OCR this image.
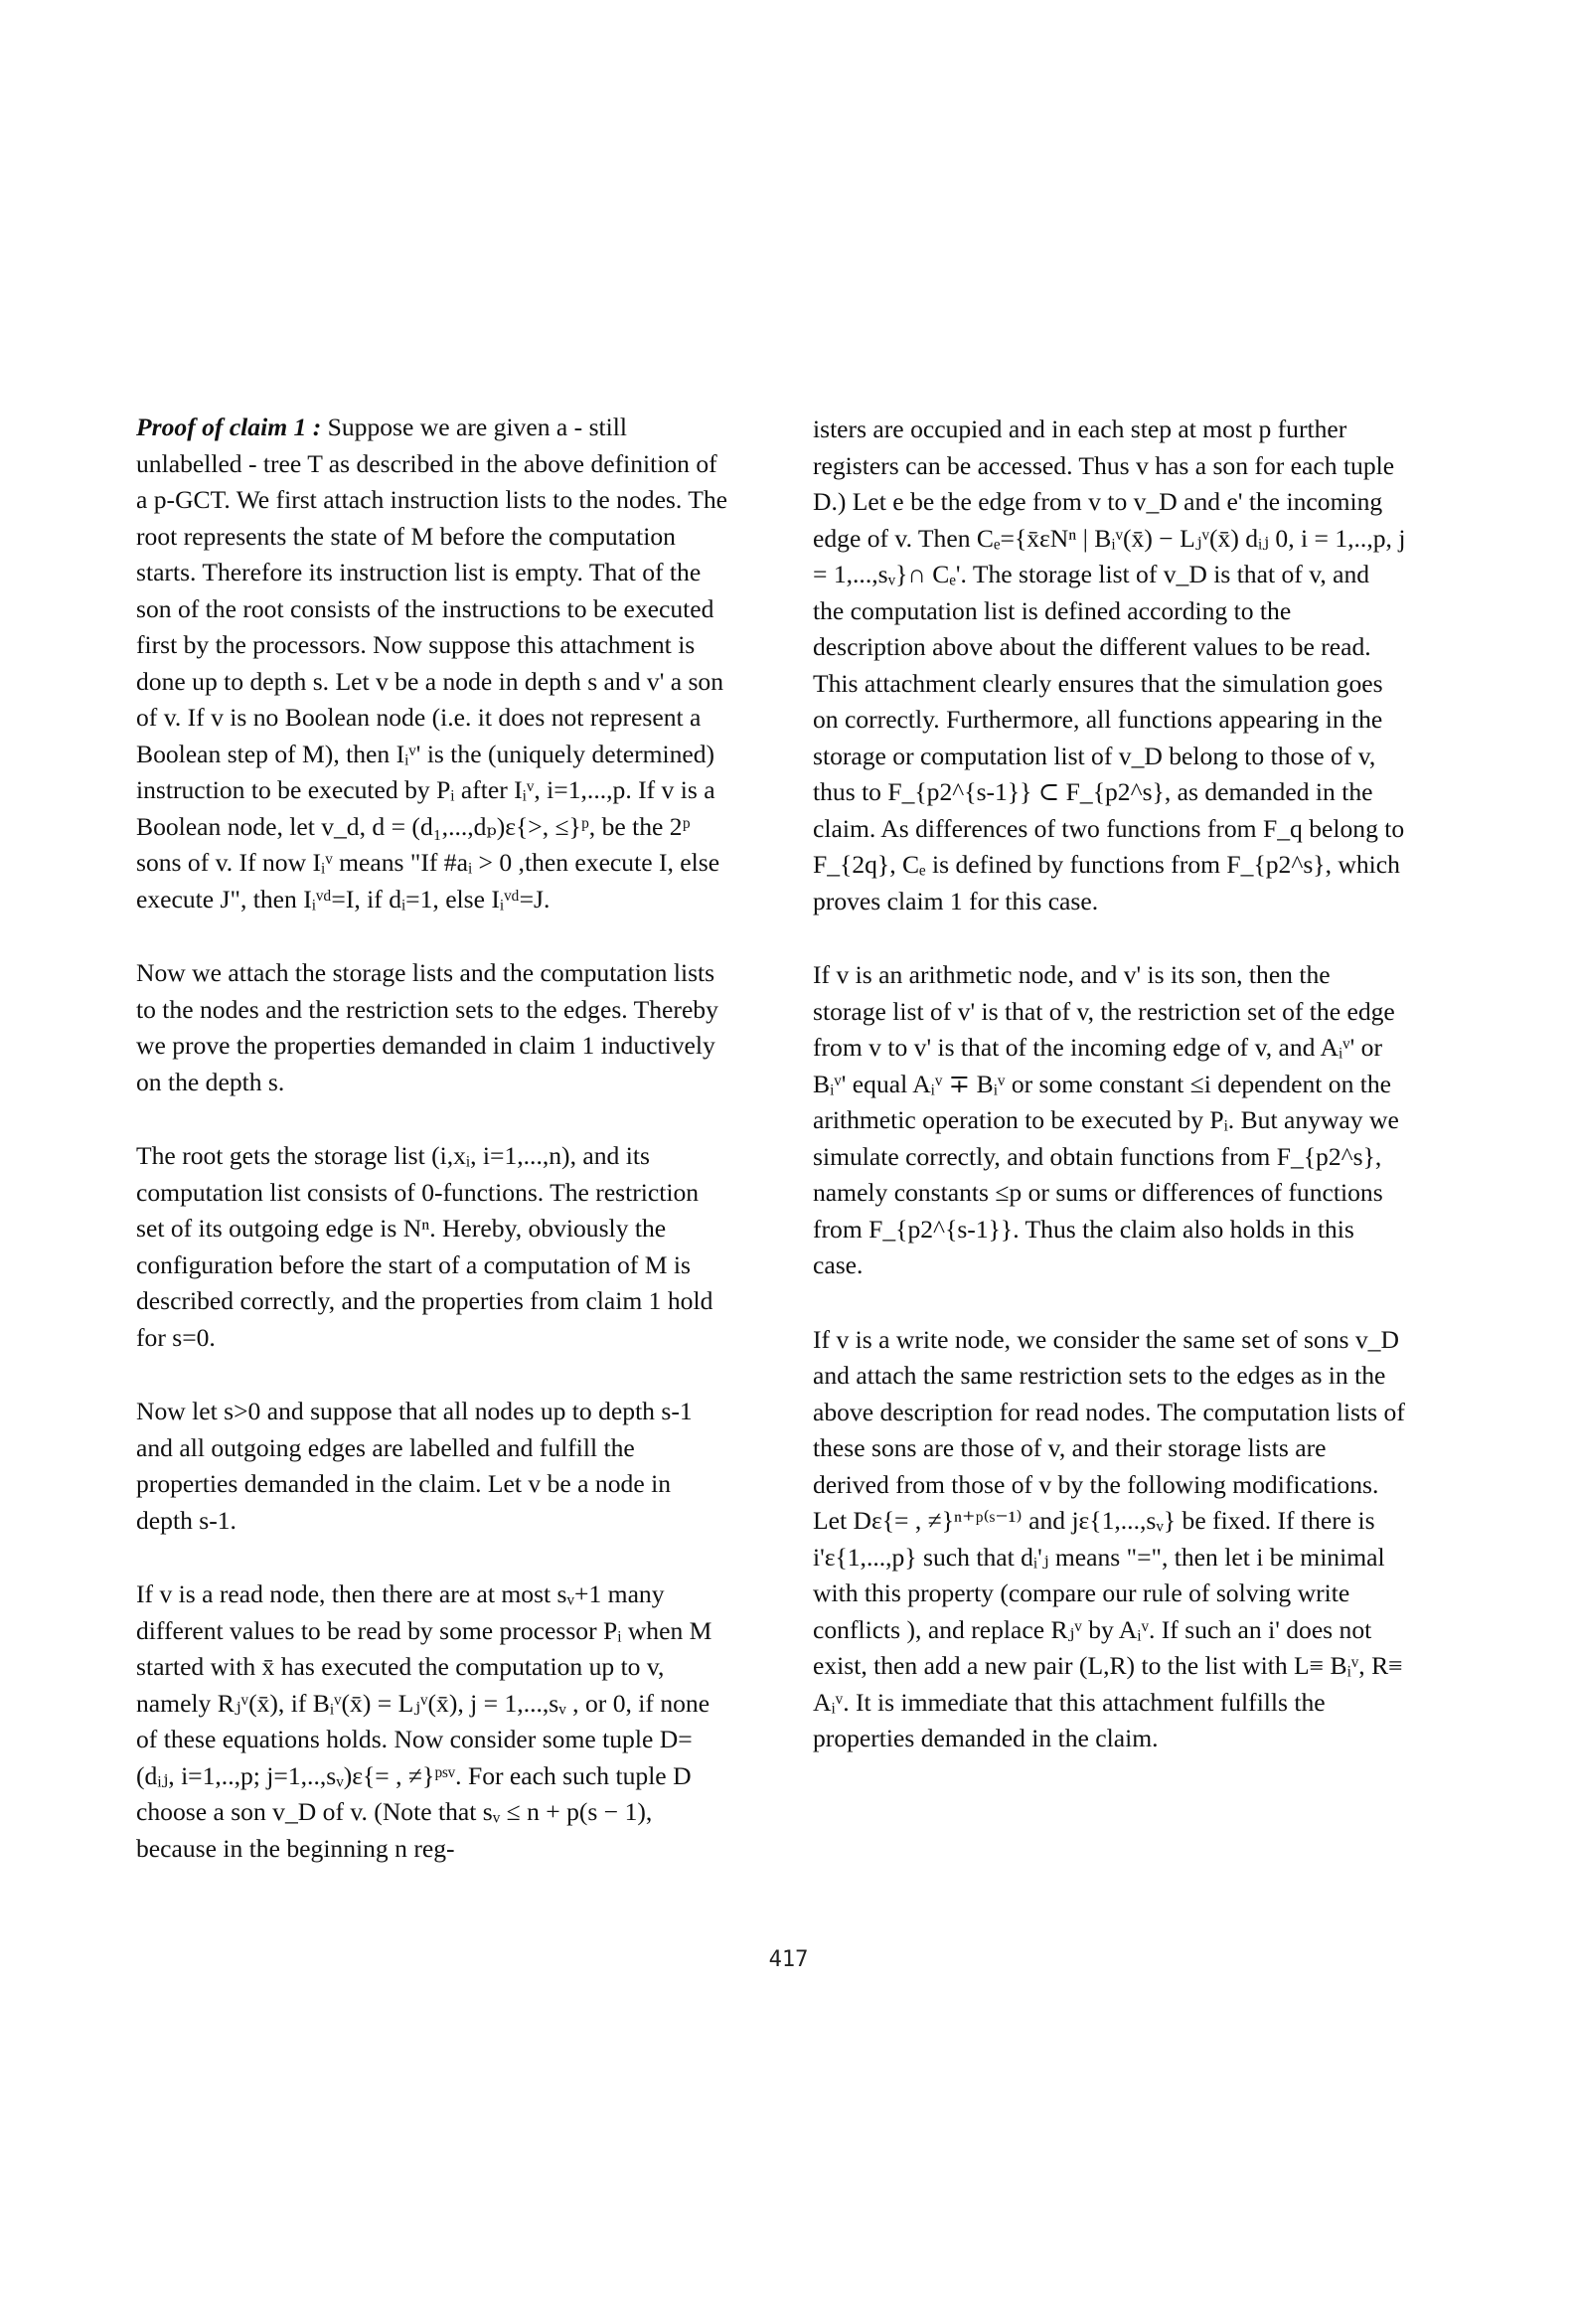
Proof of claim 1 : Suppose we are given a - still unlabelled - tree T as described in the above definition of a p-GCT. We first attach instruction lists to the nodes. The root represents the state of M before the computation starts. Therefore its instruction list is empty. That of the son of the root consists of the instructions to be executed first by the processors. Now suppose this attachment is done up to depth s. Let v be a node in depth s and v' a son of v. If v is no Boolean node (i.e. it does not represent a Boolean step of M), then Iᵢᵛ' is the (uniquely determined) instruction to be executed by Pᵢ after Iᵢᵛ, i=1,...,p. If v is a Boolean node, let v_d, d = (d₁,...,dₚ)ε{>, ≤}ᵖ, be the 2ᵖ sons of v. If now Iᵢᵛ means "If #aᵢ > 0 ,then execute I, else execute J", then Iᵢᵛᵈ=I, if dᵢ=1, else Iᵢᵛᵈ=J.

Now we attach the storage lists and the computation lists to the nodes and the restriction sets to the edges. Thereby we prove the properties demanded in claim 1 inductively on the depth s.

The root gets the storage list (i,xᵢ, i=1,...,n), and its computation list consists of 0-functions. The restriction set of its outgoing edge is Nⁿ. Hereby, obviously the configuration before the start of a computation of M is described correctly, and the properties from claim 1 hold for s=0.

Now let s>0 and suppose that all nodes up to depth s-1 and all outgoing edges are labelled and fulfill the properties demanded in the claim. Let v be a node in depth s-1.

If v is a read node, then there are at most sᵥ+1 many different values to be read by some processor Pᵢ when M started with x̄ has executed the computation up to v, namely Rⱼᵛ(x̄), if Bᵢᵛ(x̄) = Lⱼᵛ(x̄), j = 1,...,sᵥ , or 0, if none of these equations holds. Now consider some tuple D=(dᵢⱼ, i=1,..,p; j=1,..,sᵥ)ε{= , ≠}ᵖˢᵛ. For each such tuple D choose a son v_D of v. (Note that sᵥ ≤ n + p(s − 1), because in the beginning n reg-

isters are occupied and in each step at most p further registers can be accessed. Thus v has a son for each tuple D.) Let e be the edge from v to v_D and e' the incoming edge of v. Then Cₑ={x̄εNⁿ | Bᵢᵛ(x̄) − Lⱼᵛ(x̄) dᵢⱼ 0, i = 1,..,p, j = 1,...,sᵥ}∩ Cₑ'. The storage list of v_D is that of v, and the computation list is defined according to the description above about the different values to be read. This attachment clearly ensures that the simulation goes on correctly. Furthermore, all functions appearing in the storage or computation list of v_D belong to those of v, thus to F_{p2^{s-1}} ⊂ F_{p2^s}, as demanded in the claim. As differences of two functions from F_q belong to F_{2q}, Cₑ is defined by functions from F_{p2^s}, which proves claim 1 for this case.

If v is an arithmetic node, and v' is its son, then the storage list of v' is that of v, the restriction set of the edge from v to v' is that of the incoming edge of v, and Aᵢᵛ' or Bᵢᵛ' equal Aᵢᵛ ∓ Bᵢᵛ or some constant ≤i dependent on the arithmetic operation to be executed by Pᵢ. But anyway we simulate correctly, and obtain functions from F_{p2^s}, namely constants ≤p or sums or differences of functions from F_{p2^{s-1}}. Thus the claim also holds in this case.

If v is a write node, we consider the same set of sons v_D and attach the same restriction sets to the edges as in the above description for read nodes. The computation lists of these sons are those of v, and their storage lists are derived from those of v by the following modifications. Let Dε{= , ≠}ⁿ⁺ᵖ⁽ˢ⁻¹⁾ and jε{1,...,sᵥ} be fixed. If there is i'ε{1,...,p} such that dᵢ'ⱼ means "=", then let i be minimal with this property (compare our rule of solving write conflicts ), and replace Rⱼᵛ by Aᵢᵛ. If such an i' does not exist, then add a new pair (L,R) to the list with L≡ Bᵢᵛ, R≡ Aᵢᵛ. It is immediate that this attachment fulfills the properties demanded in the claim.

417
